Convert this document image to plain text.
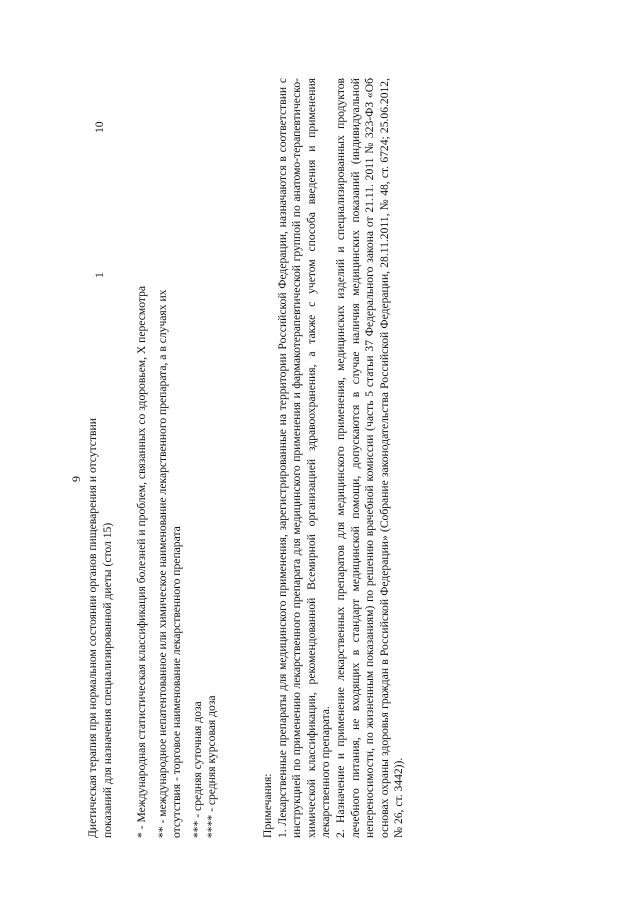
9 Диетическая терапия при нормальном состоянии органов пищеварения и отсутствии показаний для назначения специализированной диеты (стол 15)
1
10
* - Международная статистическая классификация болезней и проблем, связанных со здоровьем, X пересмотра ** - международное непатентованное или химическое наименование лекарственного препарата, а в случаях их отсутствия - торговое наименование лекарственного препарата *** - средняя суточная доза **** - средняя курсовая доза	Примечания: 1. Лекарственные препараты для медицинского применения, зарегистрированные на территории Российской Федерации, назначаются в соответствии с инструкцией по применению лекарственного препарата для медицинского применения и фармакотерапевтической группой по анатомо-терапевтическо-химической классификации, рекомендованной Всемирной организацией здравоохранения, а также с учетом способа введения и применения лекарственного препарата. 2. Назначение и применение лекарственных препаратов для медицинского применения, медицинских изделий и специализированных продуктов лечебного питания, не входящих в стандарт медицинской помощи, допускаются в случае наличия медицинских показаний (индивидуальной непереносимости, по жизненным показаниям) по решению врачебной комиссии (часть 5 статьи 37 Федерального закона от 21.11. 2011 № 323-ФЗ «Об основах охраны здоровья граждан в Российской Федерации» (Собрание законодательства Российской Федерации, 28.11.2011, № 48, ст. 6724; 25.06.2012, № 26, ст. 3442)).
